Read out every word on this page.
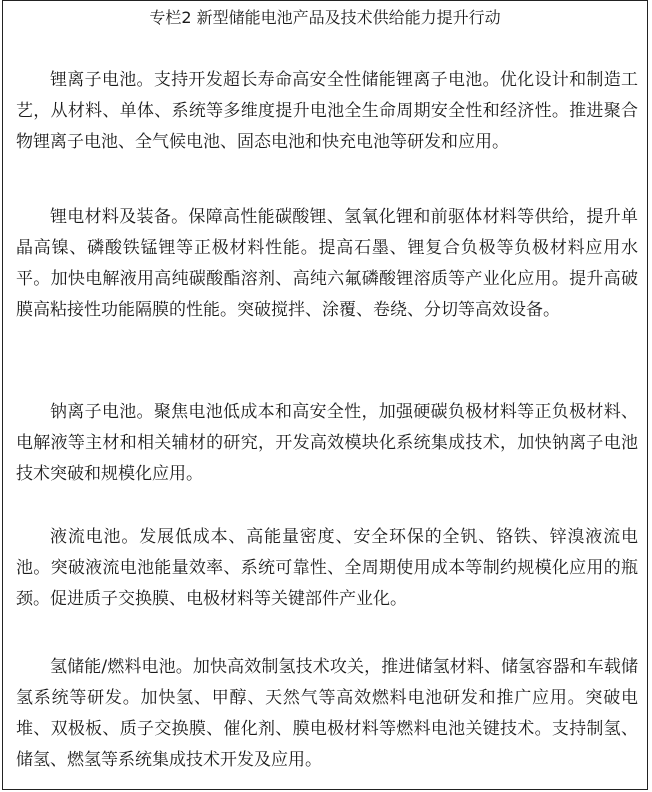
专栏2 新型储能电池产品及技术供给能力提升行动

锂离子电池。支持开发超长寿命高安全性储能锂离子电池。优化设计和制造工艺，从材料、单体、系统等多维度提升电池全生命周期安全性和经济性。推进聚合物锂离子电池、全气候电池、固态电池和快充电池等研发和应用。

锂电材料及装备。保障高性能碳酸锂、氢氧化锂和前驱体材料等供给，提升单晶高镍、磷酸铁锰锂等正极材料性能。提高石墨、锂复合负极等负极材料应用水平。加快电解液用高纯碳酸酯溶剂、高纯六氟磷酸锂溶质等产业化应用。提升高破膜高粘接性功能隔膜的性能。突破搅拌、涂覆、卷绕、分切等高效设备。

钠离子电池。聚焦电池低成本和高安全性，加强硬碳负极材料等正负极材料、电解液等主材和相关辅材的研究，开发高效模块化系统集成技术，加快钠离子电池技术突破和规模化应用。

液流电池。发展低成本、高能量密度、安全环保的全钒、铬铁、锌溴液流电池。突破液流电池能量效率、系统可靠性、全周期使用成本等制约规模化应用的瓶颈。促进质子交换膜、电极材料等关键部件产业化。

氢储能/燃料电池。加快高效制氢技术攻关，推进储氢材料、储氢容器和车载储氢系统等研发。加快氢、甲醇、天然气等高效燃料电池研发和推广应用。突破电堆、双极板、质子交换膜、催化剂、膜电极材料等燃料电池关键技术。支持制氢、储氢、燃氢等系统集成技术开发及应用。
